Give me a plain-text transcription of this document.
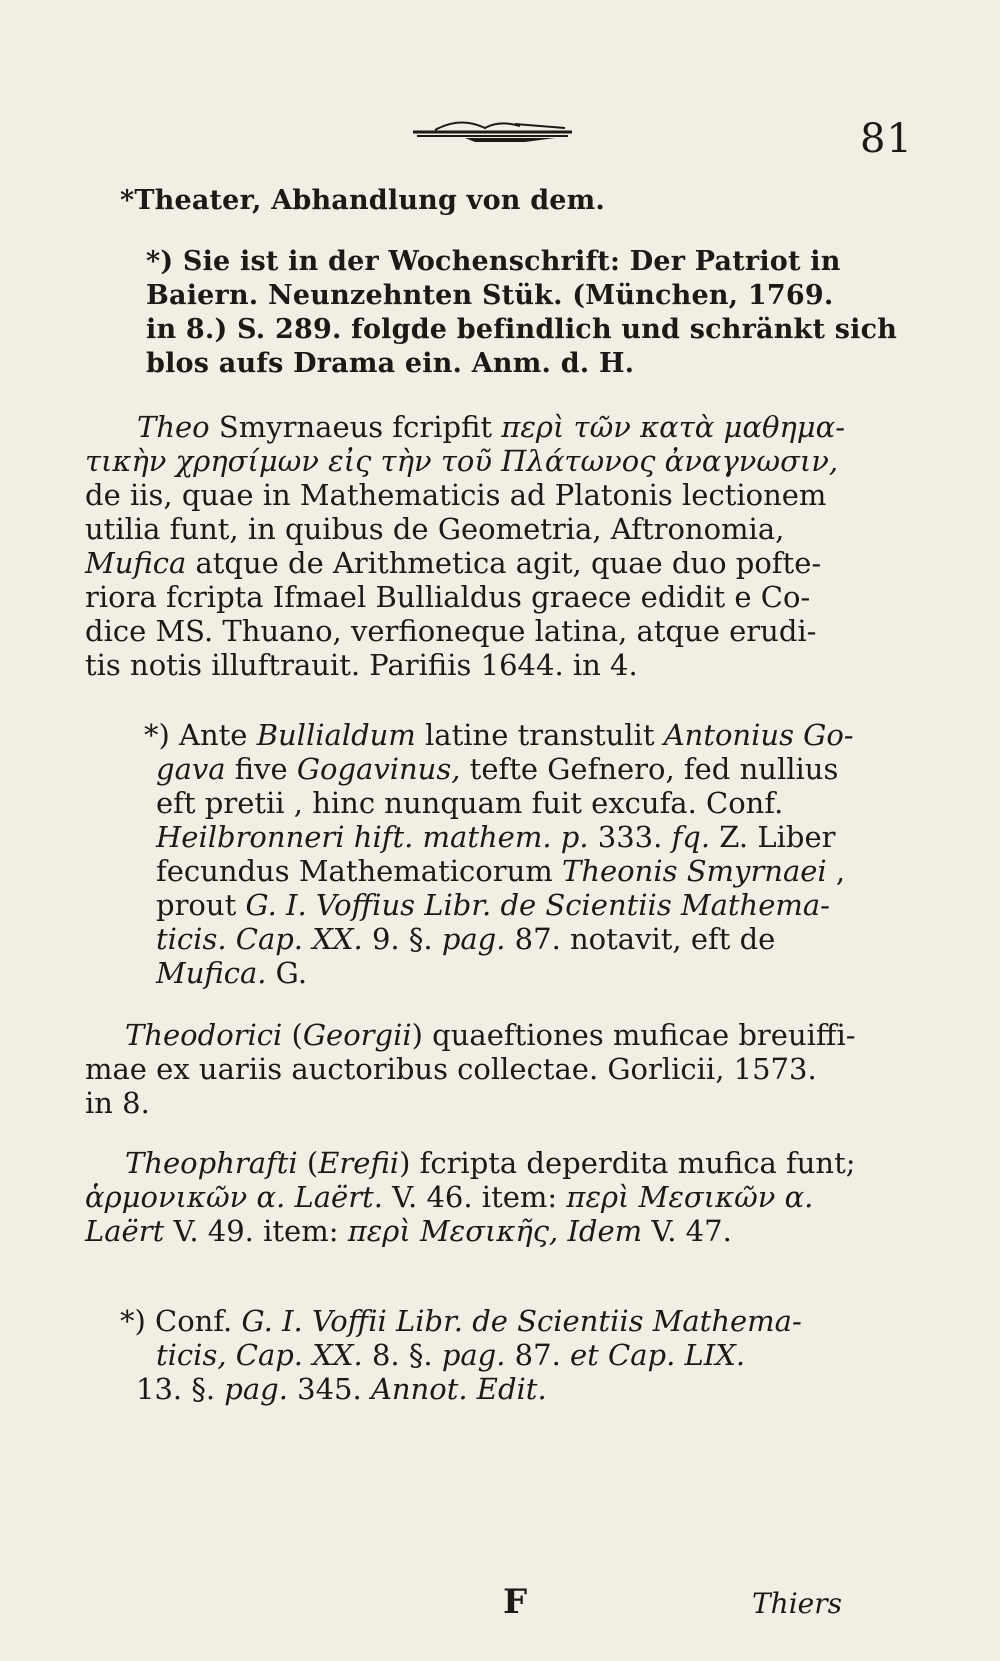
81

*Theater, Abhandlung von dem.

*) Sie ist in der Wochenschrift: Der Patriot in

Baiern. Neunzehnten Stük. (München, 1769.

in 8.) S. 289. folgde befindlich und schränkt sich

blos aufs Drama ein. Anm. d. H.

Theo Smyrnaeus fcripfit περὶ τῶν κατὰ μαθημα-

τικὴν χρησίμων εἰς τὴν τοῦ Πλάτωνος ἀναγνωσιν,

de iis, quae in Mathematicis ad Platonis lectionem

utilia funt, in quibus de Geometria, Aftronomia,

Mufica atque de Arithmetica agit, quae duo pofte-

riora fcripta Ifmael Bullialdus graece edidit e Co-

dice MS. Thuano, verfioneque latina, atque erudi-

tis notis illuftrauit. Parifiis 1644. in 4.

*) Ante Bullialdum latine transtulit Antonius Go-

gava five Gogavinus, tefte Gefnero, fed nullius

eft pretii , hinc nunquam fuit excufa. Conf.

Heilbronneri hift. mathem. p. 333. fq. Z. Liber

fecundus Mathematicorum Theonis Smyrnaei ,

prout G. I. Voffius Libr. de Scientiis Mathema-

ticis. Cap. XX. 9. §. pag. 87. notavit, eft de

Mufica. G.

Theodorici (Georgii) quaeftiones muficae breuiffi-

mae ex uariis auctoribus collectae. Gorlicii, 1573.

in 8.

Theophrafti (Erefii) fcripta deperdita mufica funt;

ἁρμονικῶν α. Laërt. V. 46. item: περὶ Μεσικῶν α.

Laërt V. 49. item: περὶ Μεσικῆς, Idem V. 47.

*) Conf. G. I. Voffii Libr. de Scientiis Mathema-

ticis, Cap. XX. 8. §. pag. 87. et Cap. LIX.

13. §. pag. 345. Annot. Edit.

F	Thiers
